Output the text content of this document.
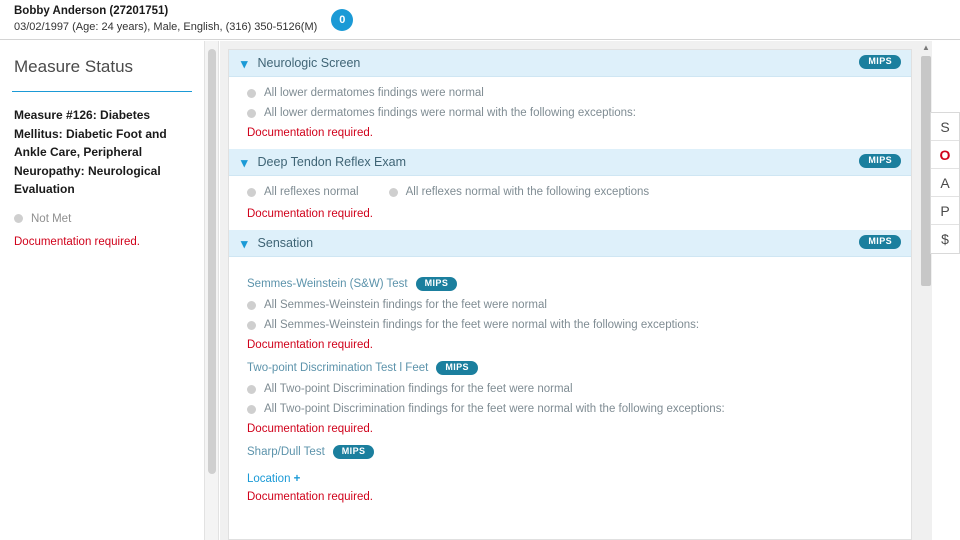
Bobby Anderson (27201751)
03/02/1997 (Age: 24 years), Male, English, (316) 350-5126(M)
0
Measure Status
Measure #126: Diabetes Mellitus: Diabetic Foot and Ankle Care, Peripheral Neuropathy: Neurological Evaluation
Not Met
Documentation required.
▾ Neurologic Screen	MIPS
All lower dermatomes findings were normal
All lower dermatomes findings were normal with the following exceptions:
Documentation required.
▾ Deep Tendon Reflex Exam	MIPS
All reflexes normal	All reflexes normal with the following exceptions
Documentation required.
▾ Sensation	MIPS
Semmes-Weinstein (S&W) Test	MIPS
All Semmes-Weinstein findings for the feet were normal
All Semmes-Weinstein findings for the feet were normal with the following exceptions:
Documentation required.
Two-point Discrimination Test l Feet	MIPS
All Two-point Discrimination findings for the feet were normal
All Two-point Discrimination findings for the feet were normal with the following exceptions:
Documentation required.
Sharp/Dull Test	MIPS
Location +
Documentation required.
▲
S
O
A
P
$
